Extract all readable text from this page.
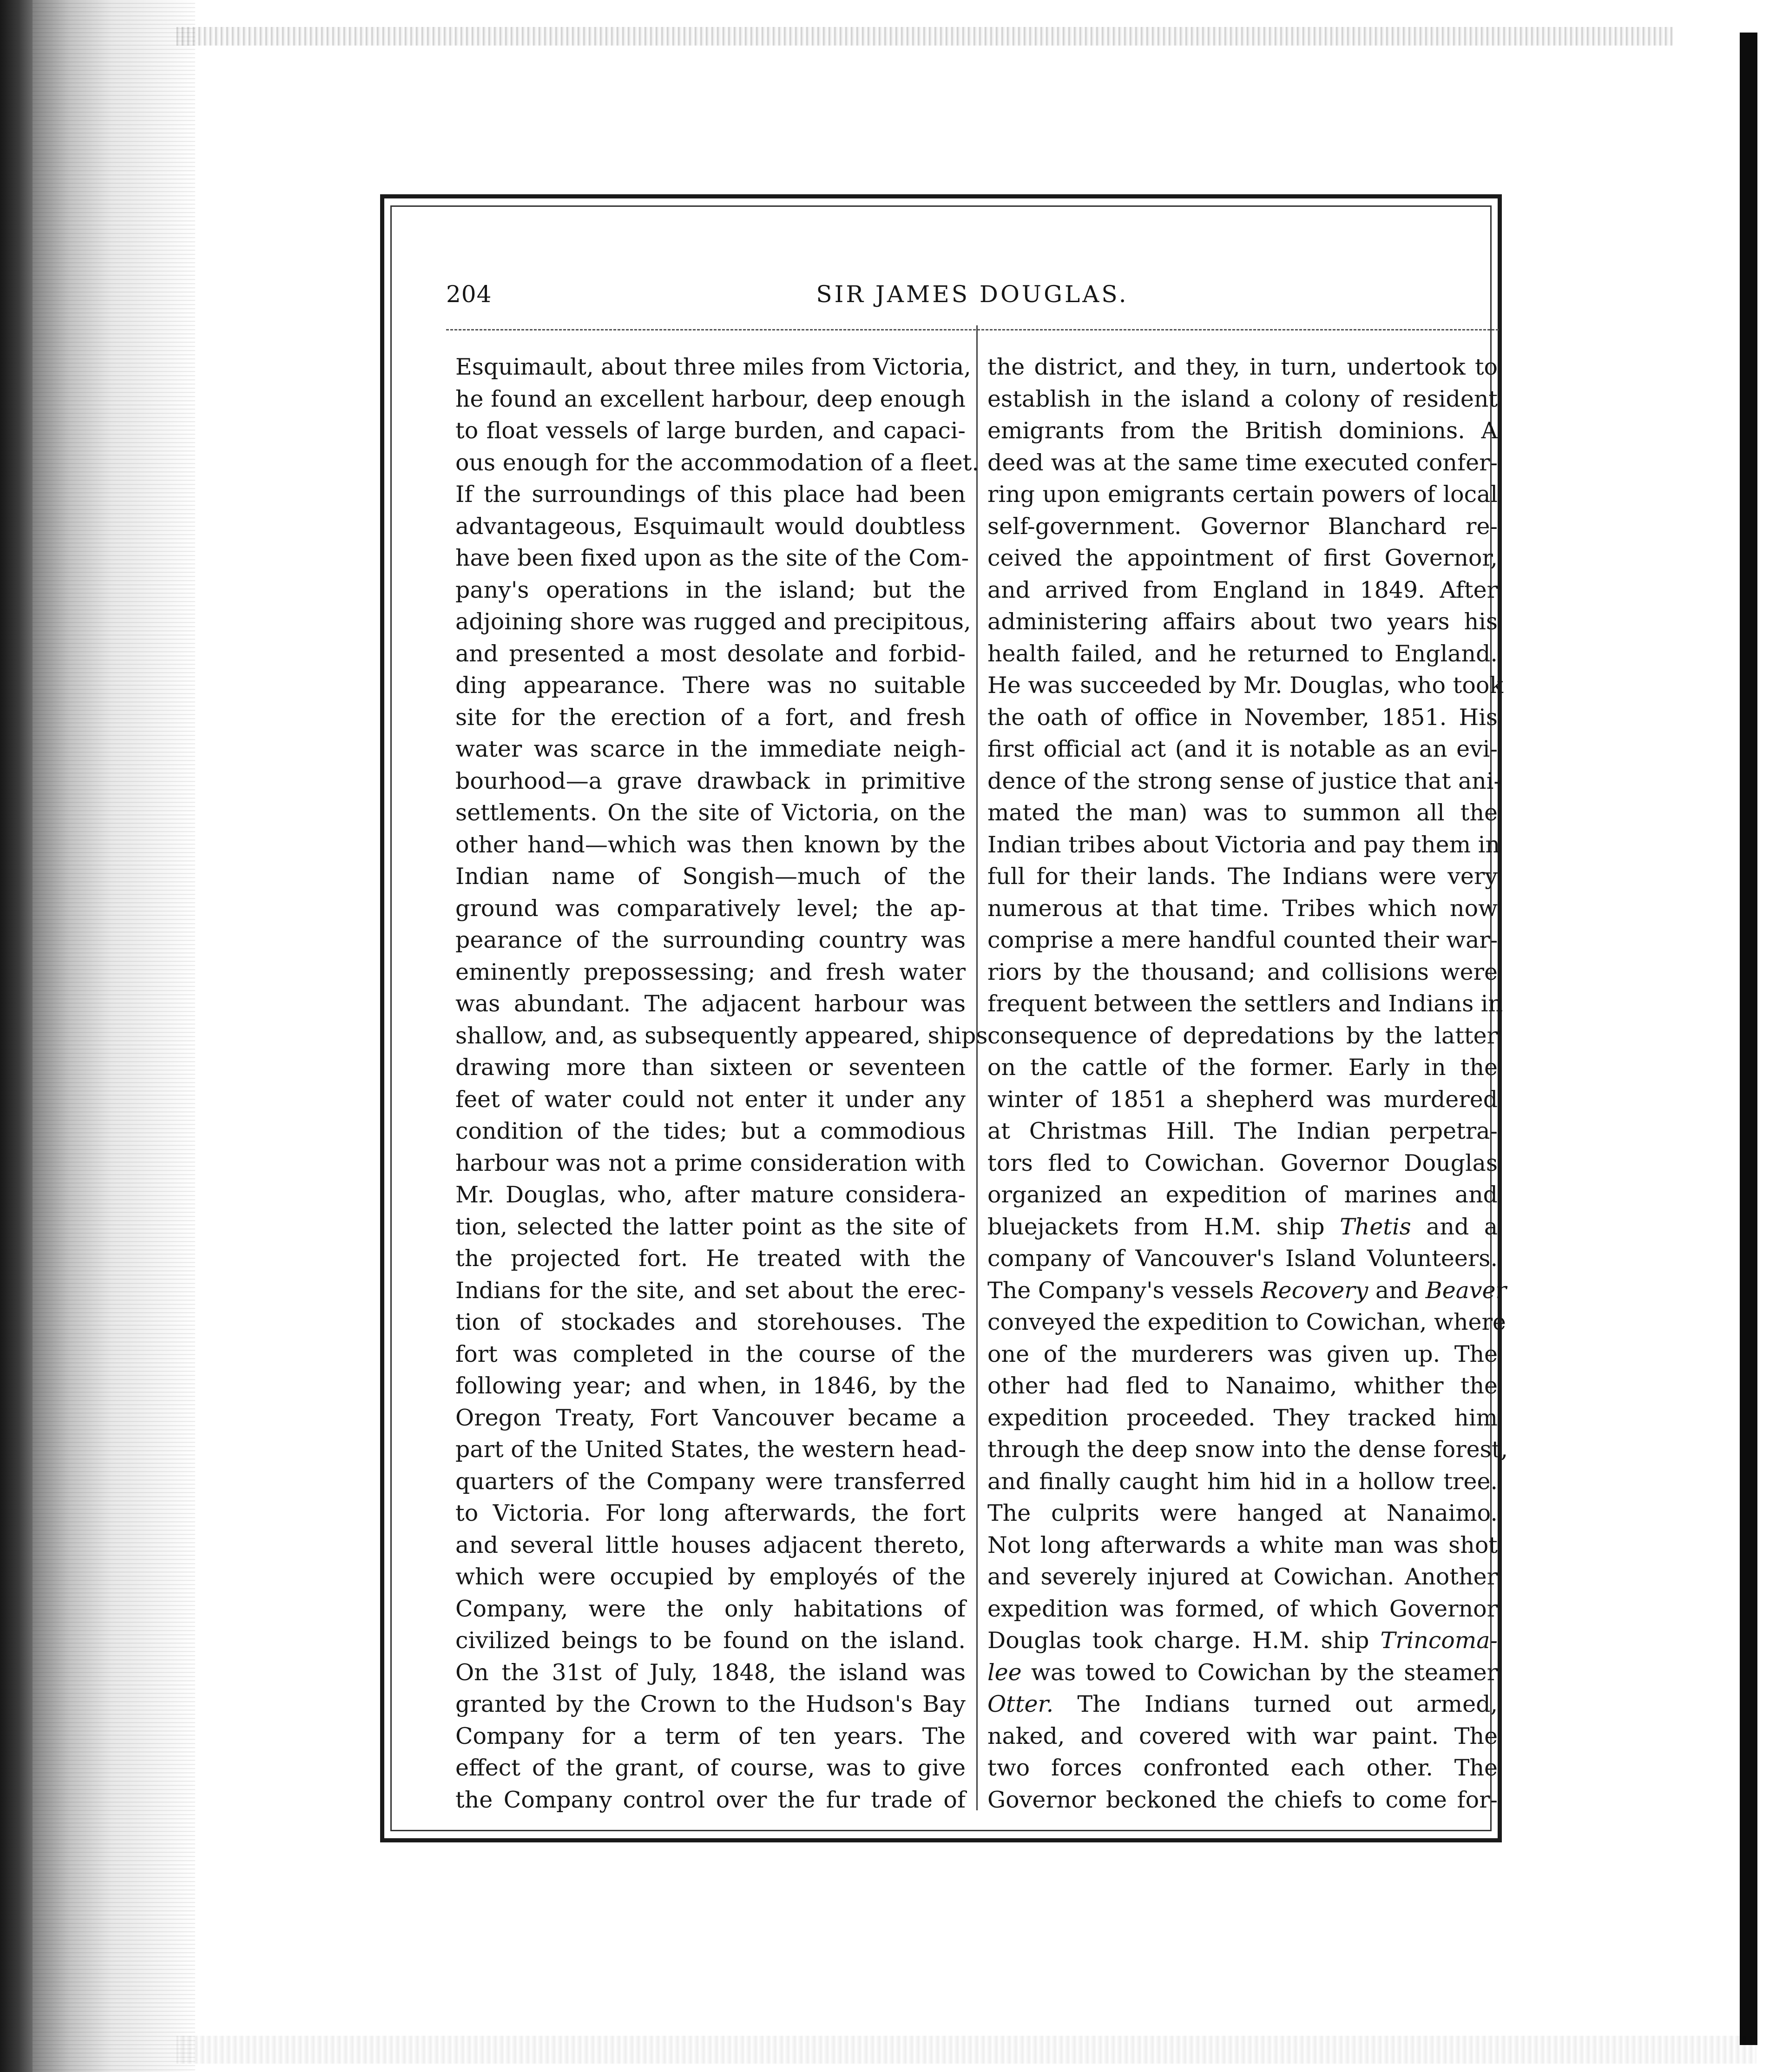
204	SIR JAMES DOUGLAS.
Esquimault, about three miles from Victoria,
he found an excellent harbour, deep enough
to float vessels of large burden, and capaci-
ous enough for the accommodation of a fleet.
If the surroundings of this place had been
advantageous, Esquimault would doubtless
have been fixed upon as the site of the Com-
pany's operations in the island; but the
adjoining shore was rugged and precipitous,
and presented a most desolate and forbid-
ding appearance. There was no suitable
site for the erection of a fort, and fresh
water was scarce in the immediate neigh-
bourhood—a grave drawback in primitive
settlements. On the site of Victoria, on the
other hand—which was then known by the
Indian name of Songish—much of the
ground was comparatively level; the ap-
pearance of the surrounding country was
eminently prepossessing; and fresh water
was abundant. The adjacent harbour was
shallow, and, as subsequently appeared, ships
drawing more than sixteen or seventeen
feet of water could not enter it under any
condition of the tides; but a commodious
harbour was not a prime consideration with
Mr. Douglas, who, after mature considera-
tion, selected the latter point as the site of
the projected fort. He treated with the
Indians for the site, and set about the erec-
tion of stockades and storehouses. The
fort was completed in the course of the
following year; and when, in 1846, by the
Oregon Treaty, Fort Vancouver became a
part of the United States, the western head-
quarters of the Company were transferred
to Victoria. For long afterwards, the fort
and several little houses adjacent thereto,
which were occupied by employés of the
Company, were the only habitations of
civilized beings to be found on the island.
On the 31st of July, 1848, the island was
granted by the Crown to the Hudson's Bay
Company for a term of ten years. The
effect of the grant, of course, was to give
the Company control over the fur trade of
the district, and they, in turn, undertook to
establish in the island a colony of resident
emigrants from the British dominions. A
deed was at the same time executed confer-
ring upon emigrants certain powers of local
self-government. Governor Blanchard re-
ceived the appointment of first Governor,
and arrived from England in 1849. After
administering affairs about two years his
health failed, and he returned to England.
He was succeeded by Mr. Douglas, who took
the oath of office in November, 1851. His
first official act (and it is notable as an evi-
dence of the strong sense of justice that ani-
mated the man) was to summon all the
Indian tribes about Victoria and pay them in
full for their lands. The Indians were very
numerous at that time. Tribes which now
comprise a mere handful counted their war-
riors by the thousand; and collisions were
frequent between the settlers and Indians in
consequence of depredations by the latter
on the cattle of the former. Early in the
winter of 1851 a shepherd was murdered
at Christmas Hill. The Indian perpetra-
tors fled to Cowichan. Governor Douglas
organized an expedition of marines and
bluejackets from H.M. ship Thetis and a
company of Vancouver's Island Volunteers.
The Company's vessels Recovery and Beaver
conveyed the expedition to Cowichan, where
one of the murderers was given up. The
other had fled to Nanaimo, whither the
expedition proceeded. They tracked him
through the deep snow into the dense forest,
and finally caught him hid in a hollow tree.
The culprits were hanged at Nanaimo.
Not long afterwards a white man was shot
and severely injured at Cowichan. Another
expedition was formed, of which Governor
Douglas took charge. H.M. ship Trincoma-
lee was towed to Cowichan by the steamer
Otter. The Indians turned out armed,
naked, and covered with war paint. The
two forces confronted each other. The
Governor beckoned the chiefs to come for-
